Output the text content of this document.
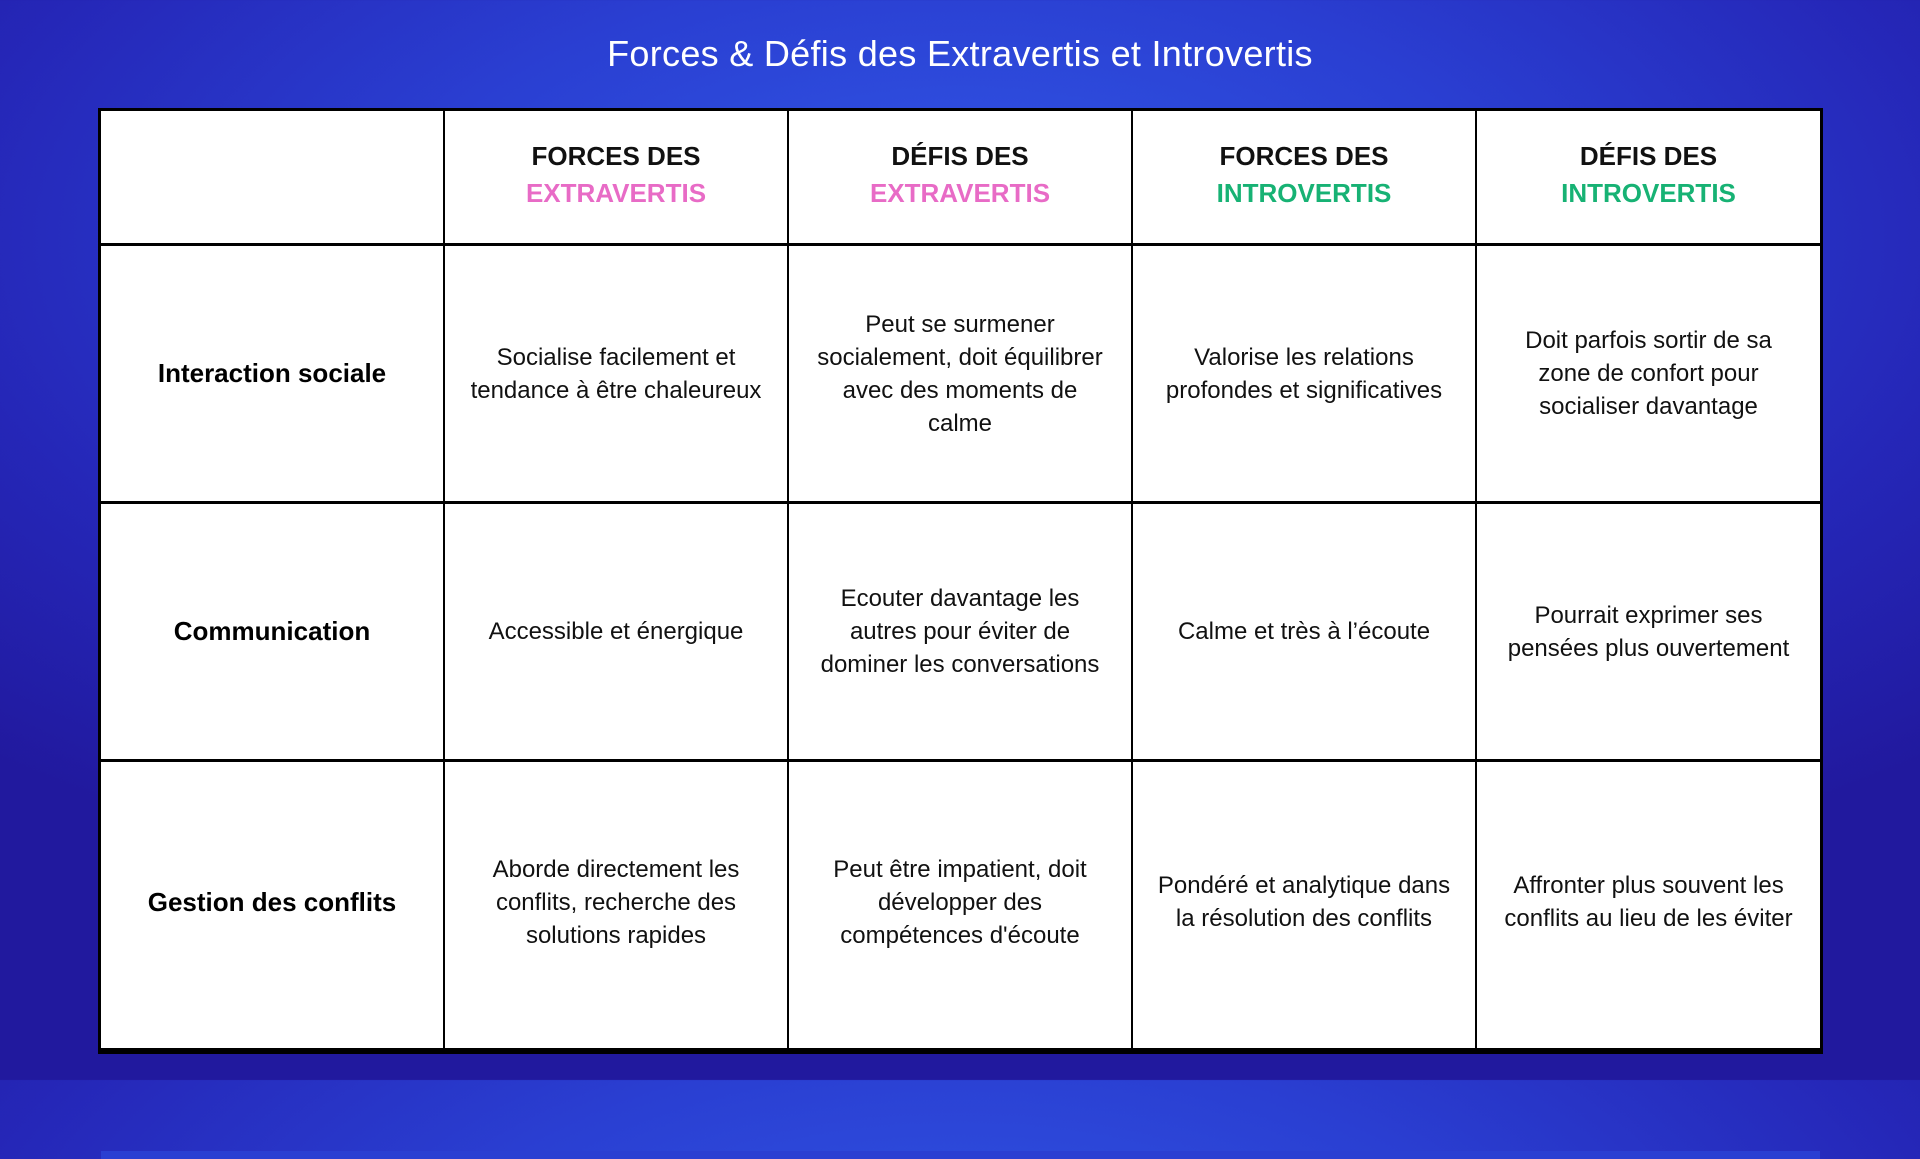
Forces & Défis des Extravertis et Introvertis
FORCES DES
EXTRAVERTIS
DÉFIS DES
EXTRAVERTIS
FORCES DES
INTROVERTIS
DÉFIS DES
INTROVERTIS
Interaction sociale
Socialise facilement et tendance à être chaleureux
Peut se surmener socialement, doit équilibrer avec des moments de calme
Valorise les relations profondes et significatives
Doit parfois sortir de sa zone de confort pour socialiser davantage
Communication	Accessible et énergique
Ecouter davantage les autres pour éviter de dominer les conversations
Calme et très à l’écoute
Pourrait exprimer ses pensées plus ouvertement
Gestion des conflits
Aborde directement les conflits, recherche des solutions rapides
Peut être impatient, doit développer des compétences d'écoute
Pondéré et analytique dans la résolution des conflits
Affronter plus souvent les conflits au lieu de les éviter
